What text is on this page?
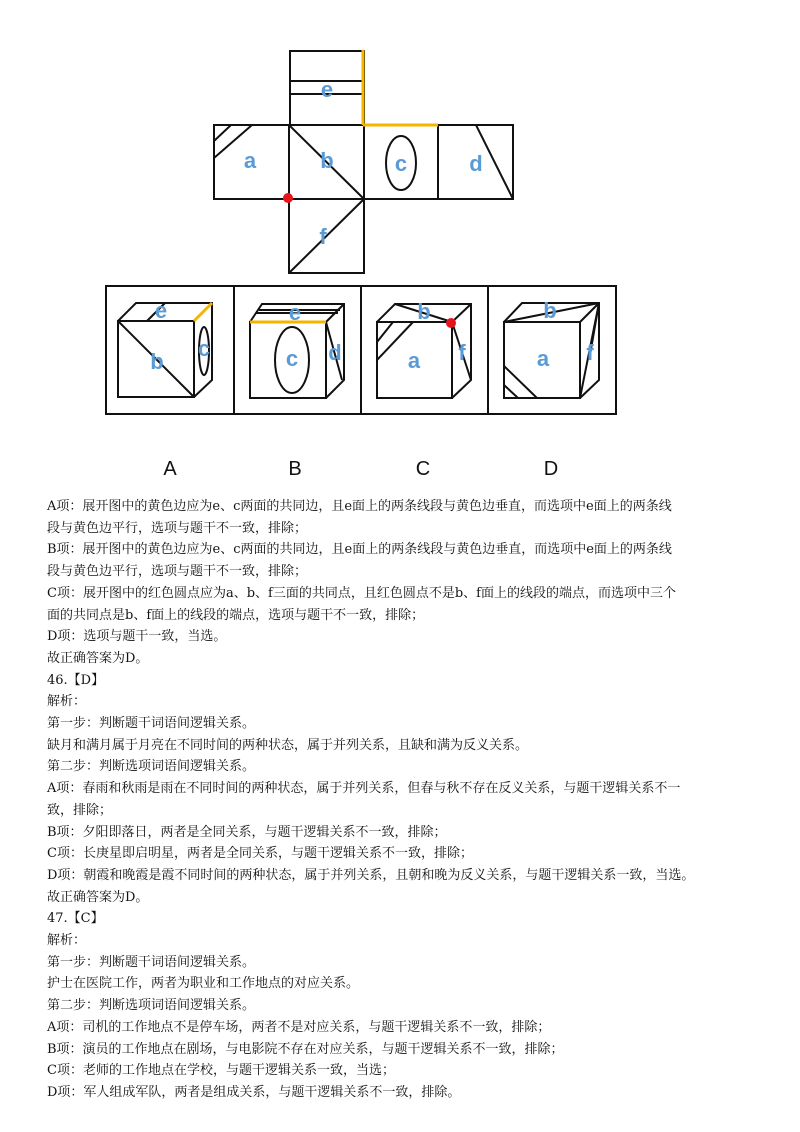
e
a	b	c	d
f
e
b
c
e
c d
b
a f
b
a f
A	B	C	D

A项：展开图中的黄色边应为e、c两面的共同边，且e面上的两条线段与黄色边垂直，而选项中e面上的两条线

段与黄色边平行，选项与题干不一致，排除；

B项：展开图中的黄色边应为e、c两面的共同边，且e面上的两条线段与黄色边垂直，而选项中e面上的两条线

段与黄色边平行，选项与题干不一致，排除；

C项：展开图中的红色圆点应为a、b、f三面的共同点，且红色圆点不是b、f面上的线段的端点，而选项中三个

面的共同点是b、f面上的线段的端点，选项与题干不一致，排除；

D项：选项与题干一致，当选。

故正确答案为D。

46.【D】

解析：

第一步：判断题干词语间逻辑关系。

缺月和满月属于月亮在不同时间的两种状态，属于并列关系，且缺和满为反义关系。

第二步：判断选项词语间逻辑关系。

A项：春雨和秋雨是雨在不同时间的两种状态，属于并列关系，但春与秋不存在反义关系，与题干逻辑关系不一

致，排除；

B项：夕阳即落日，两者是全同关系，与题干逻辑关系不一致，排除；

C项：长庚星即启明星，两者是全同关系，与题干逻辑关系不一致，排除；

D项：朝霞和晚霞是霞不同时间的两种状态，属于并列关系，且朝和晚为反义关系，与题干逻辑关系一致，当选。

故正确答案为D。

47.【C】

解析：

第一步：判断题干词语间逻辑关系。

护士在医院工作，两者为职业和工作地点的对应关系。

第二步：判断选项词语间逻辑关系。

A项：司机的工作地点不是停车场，两者不是对应关系，与题干逻辑关系不一致，排除；

B项：演员的工作地点在剧场，与电影院不存在对应关系，与题干逻辑关系不一致，排除；

C项：老师的工作地点在学校，与题干逻辑关系一致，当选；

D项：军人组成军队，两者是组成关系，与题干逻辑关系不一致，排除。
